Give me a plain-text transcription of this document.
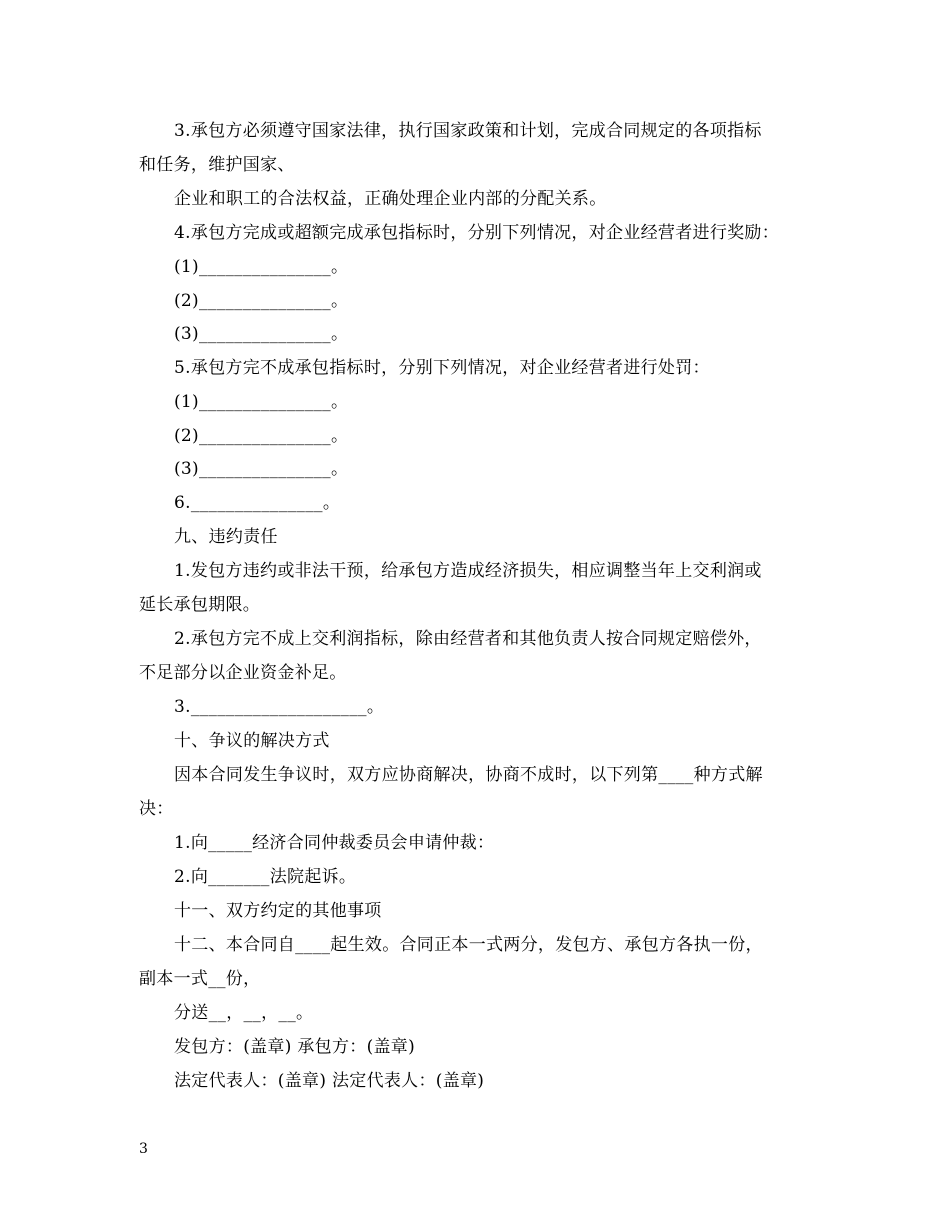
3.承包方必须遵守国家法律，执行国家政策和计划，完成合同规定的各项指标
和任务，维护国家、
企业和职工的合法权益，正确处理企业内部的分配关系。
4.承包方完成或超额完成承包指标时，分别下列情况，对企业经营者进行奖励：
(1)_______________。
(2)_______________。
(3)_______________。
5.承包方完不成承包指标时，分别下列情况，对企业经营者进行处罚：
(1)_______________。
(2)_______________。
(3)_______________。
6._______________。
九、违约责任
1.发包方违约或非法干预，给承包方造成经济损失，相应调整当年上交利润或
延长承包期限。
2.承包方完不成上交利润指标，除由经营者和其他负责人按合同规定赔偿外，
不足部分以企业资金补足。
3.____________________。
十、争议的解决方式
因本合同发生争议时，双方应协商解决，协商不成时，以下列第____种方式解
决：
1.向_____经济合同仲裁委员会申请仲裁：
2.向_______法院起诉。
十一、双方约定的其他事项
十二、本合同自____起生效。合同正本一式两分，发包方、承包方各执一份，
副本一式__份，
分送__，__，__。
发包方：(盖章) 承包方：(盖章)
法定代表人：(盖章) 法定代表人：(盖章)
3
